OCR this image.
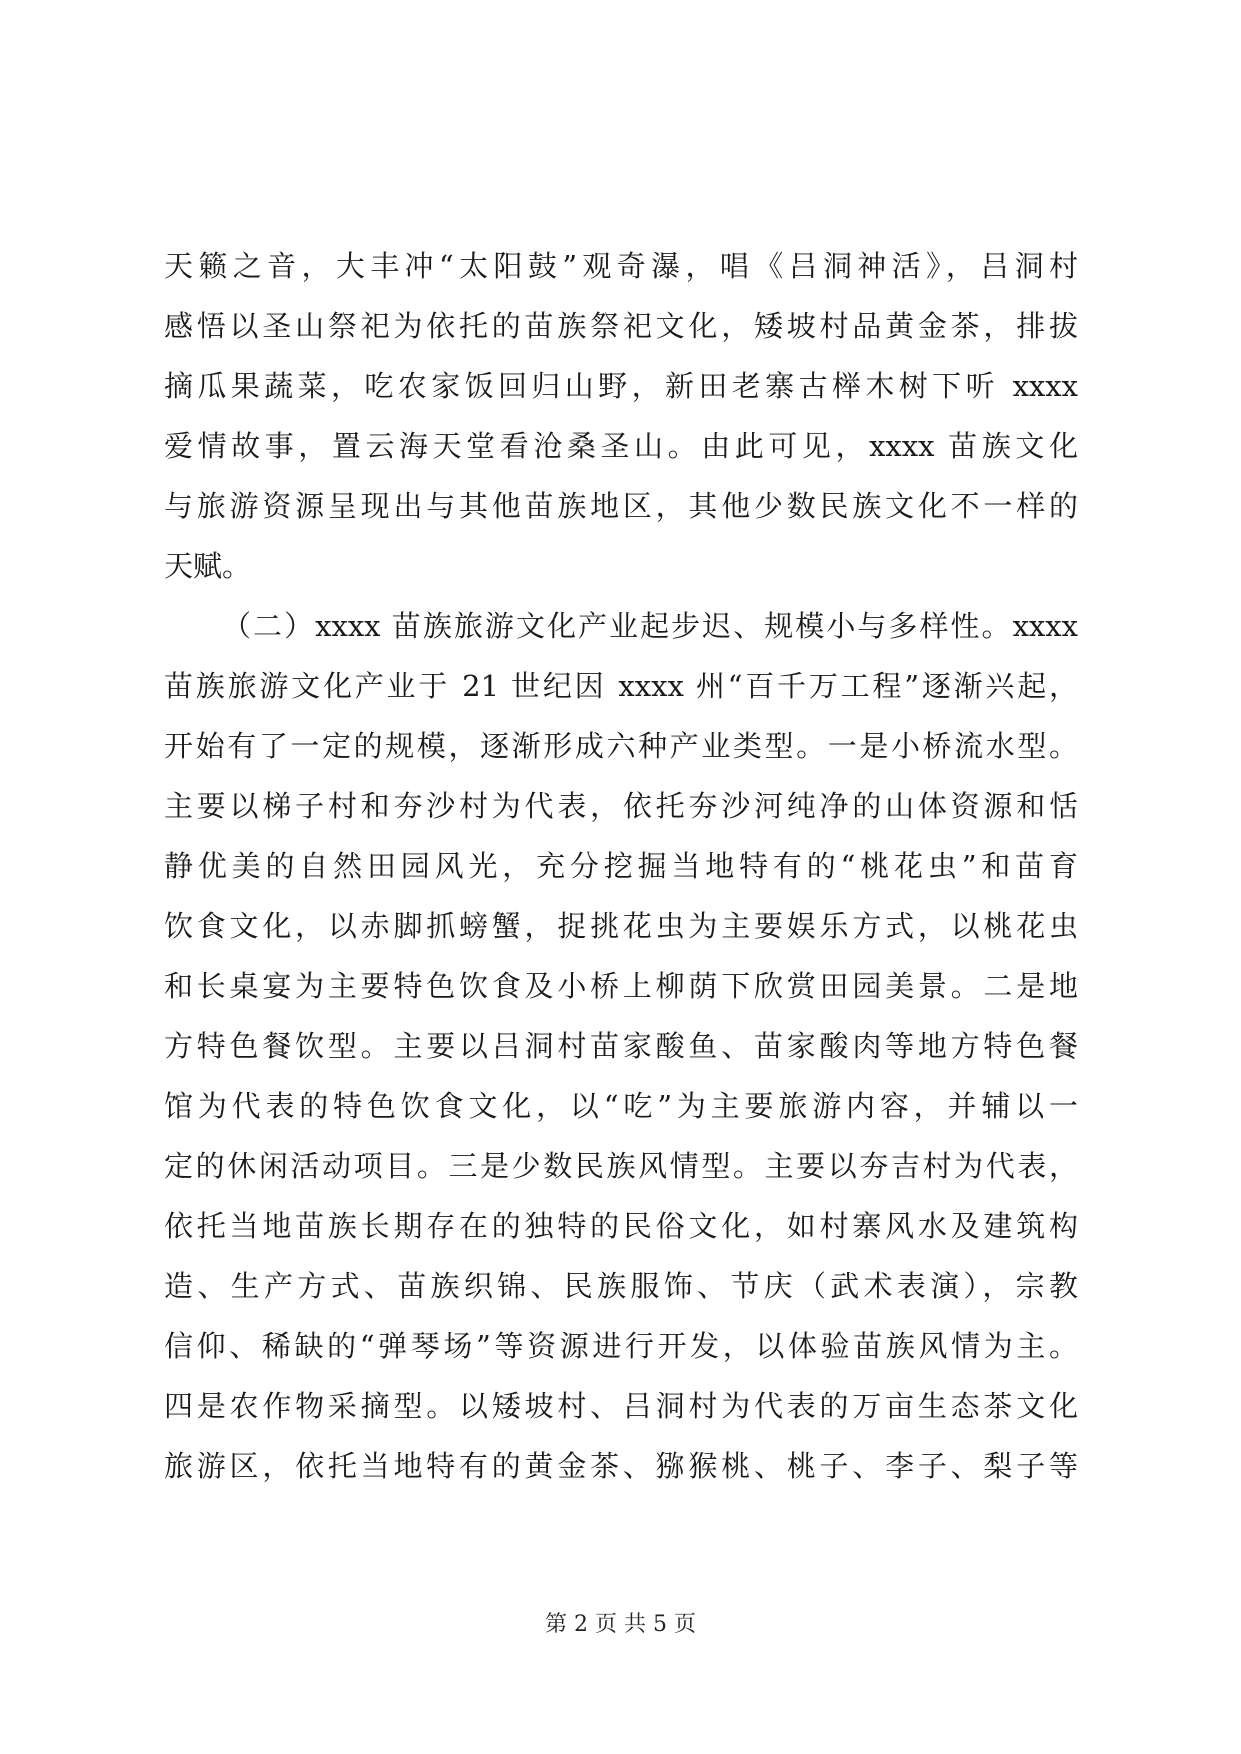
天籁之音，大丰冲“太阳鼓”观奇瀑，唱《吕洞神活》，吕洞村
感悟以圣山祭祀为依托的苗族祭祀文化，矮坡村品黄金茶，排拔
摘瓜果蔬菜，吃农家饭回归山野，新田老寨古榉木树下听 xxxx
爱情故事，置云海天堂看沧桑圣山。由此可见，xxxx 苗族文化
与旅游资源呈现出与其他苗族地区，其他少数民族文化不一样的
天赋。
（二）xxxx 苗族旅游文化产业起步迟、规模小与多样性。xxxx
苗族旅游文化产业于 21 世纪因 xxxx 州“百千万工程”逐渐兴起，
开始有了一定的规模，逐渐形成六种产业类型。一是小桥流水型。
主要以梯子村和夯沙村为代表，依托夯沙河纯净的山体资源和恬
静优美的自然田园风光，充分挖掘当地特有的“桃花虫”和苗育
饮食文化，以赤脚抓螃蟹，捉挑花虫为主要娱乐方式，以桃花虫
和长桌宴为主要特色饮食及小桥上柳荫下欣赏田园美景。二是地
方特色餐饮型。主要以吕洞村苗家酸鱼、苗家酸肉等地方特色餐
馆为代表的特色饮食文化，以“吃”为主要旅游内容，并辅以一
定的休闲活动项目。三是少数民族风情型。主要以夯吉村为代表，
依托当地苗族长期存在的独特的民俗文化，如村寨风水及建筑构
造、生产方式、苗族织锦、民族服饰、节庆（武术表演），宗教
信仰、稀缺的“弹琴场”等资源进行开发，以体验苗族风情为主。
四是农作物采摘型。以矮坡村、吕洞村为代表的万亩生态茶文化
旅游区，依托当地特有的黄金茶、猕猴桃、桃子、李子、梨子等
第 2 页 共 5 页
